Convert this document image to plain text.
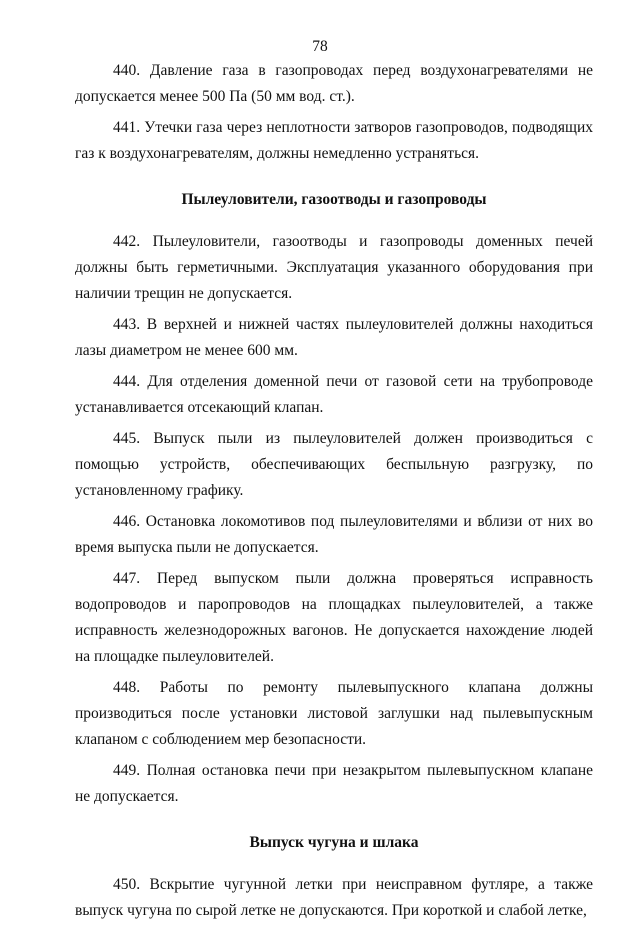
78

440. Давление газа в газопроводах перед воздухонагревателями не допускается менее 500 Па (50 мм вод. ст.).

441. Утечки газа через неплотности затворов газопроводов, подводящих газ к воздухонагревателям, должны немедленно устраняться.

Пылеуловители, газоотводы и газопроводы

442. Пылеуловители, газоотводы и газопроводы доменных печей должны быть герметичными. Эксплуатация указанного оборудования при наличии трещин не допускается.

443. В верхней и нижней частях пылеуловителей должны находиться лазы диаметром не менее 600 мм.

444. Для отделения доменной печи от газовой сети на трубопроводе устанавливается отсекающий клапан.

445. Выпуск пыли из пылеуловителей должен производиться с помощью устройств, обеспечивающих беспыльную разгрузку, по установленному графику.

446. Остановка локомотивов под пылеуловителями и вблизи от них во время выпуска пыли не допускается.

447. Перед выпуском пыли должна проверяться исправность водопроводов и паропроводов на площадках пылеуловителей, а также исправность железнодорожных вагонов. Не допускается нахождение людей на площадке пылеуловителей.

448. Работы по ремонту пылевыпускного клапана должны производиться после установки листовой заглушки над пылевыпускным клапаном с соблюдением мер безопасности.

449. Полная остановка печи при незакрытом пылевыпускном клапане не допускается.

Выпуск чугуна и шлака

450. Вскрытие чугунной летки при неисправном футляре, а также выпуск чугуна по сырой летке не допускаются. При короткой и слабой летке,
